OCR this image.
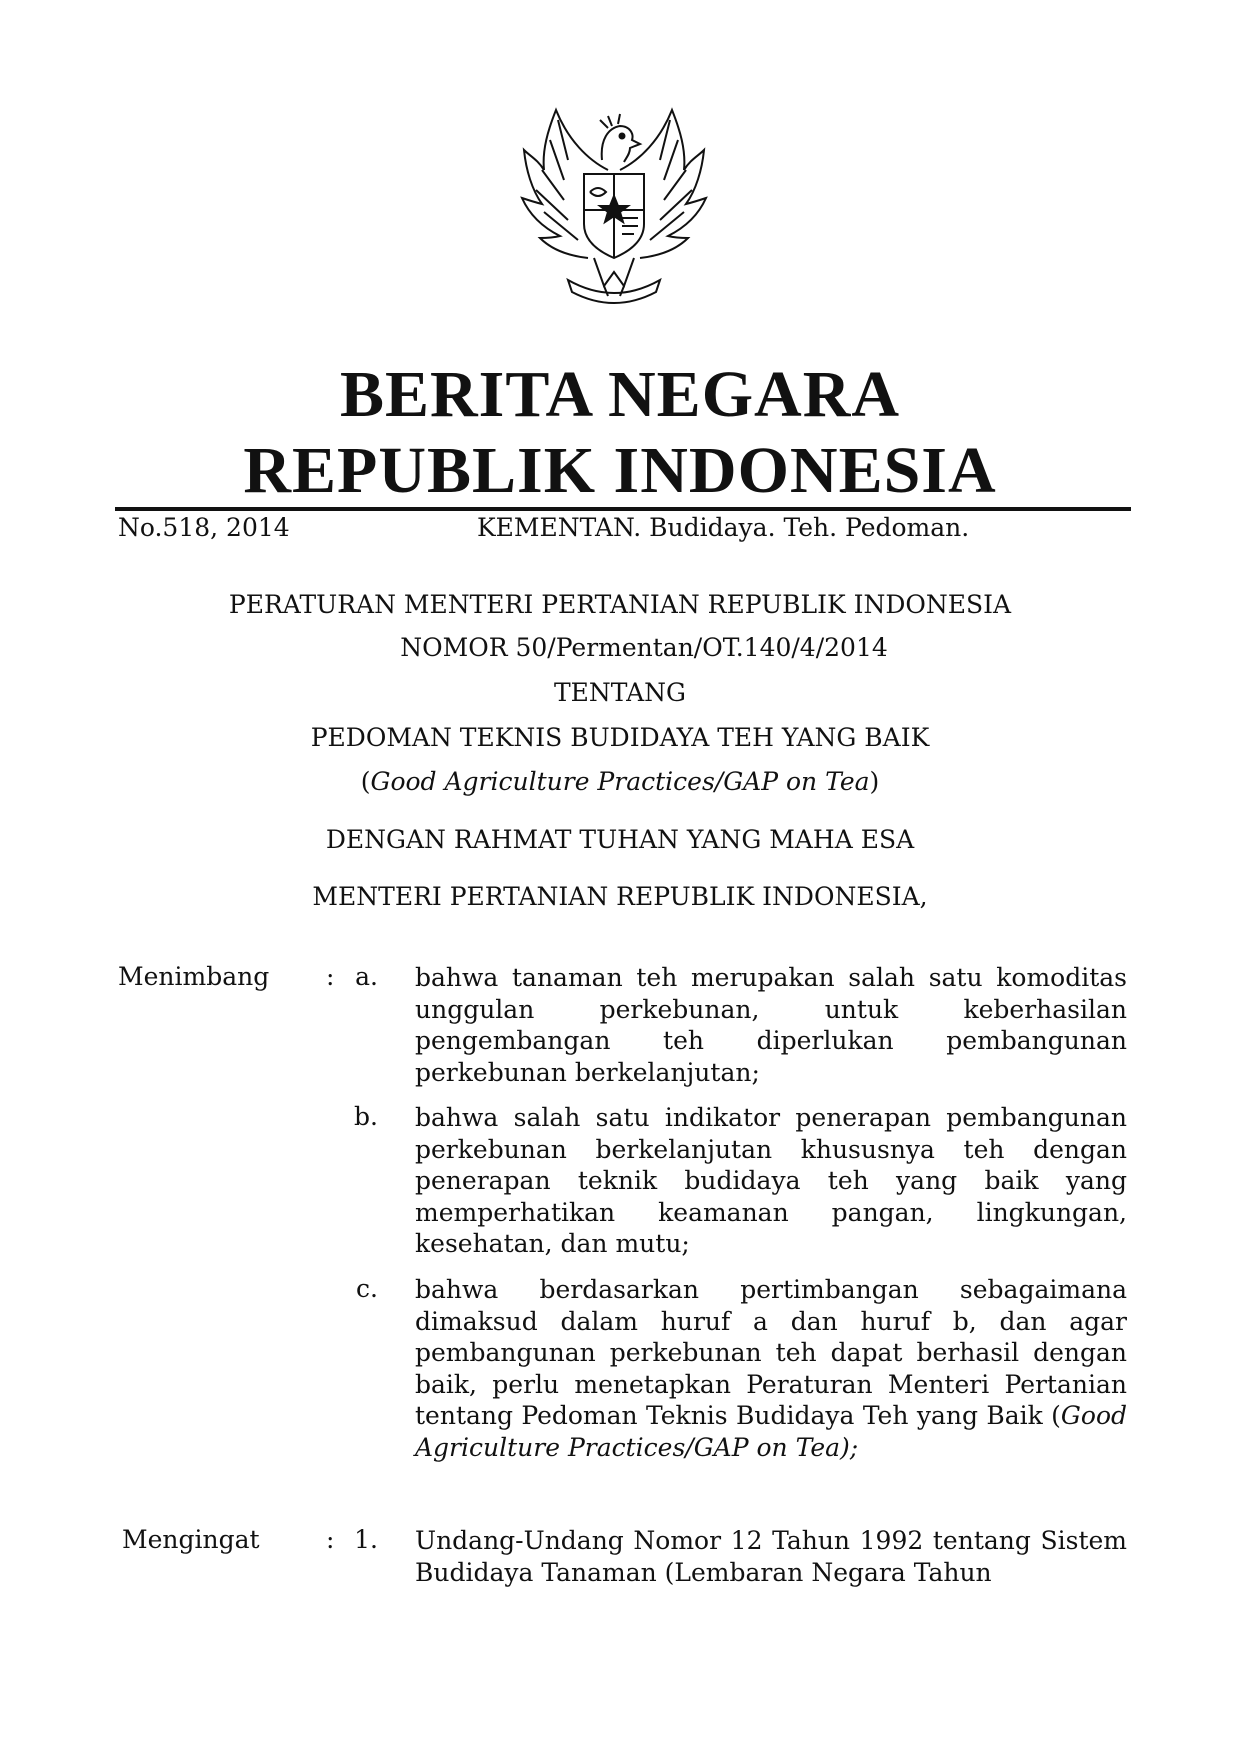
BERITA NEGARA
REPUBLIK INDONESIA
No.518, 2014	KEMENTAN. Budidaya. Teh. Pedoman.
PERATURAN MENTERI PERTANIAN REPUBLIK INDONESIA
NOMOR 50/Permentan/OT.140/4/2014
TENTANG
PEDOMAN TEKNIS BUDIDAYA TEH YANG BAIK
(Good Agriculture Practices/GAP on Tea)
DENGAN RAHMAT TUHAN YANG MAHA ESA
MENTERI PERTANIAN REPUBLIK INDONESIA,
Menimbang : a. bahwa tanaman teh merupakan salah satu komoditas unggulan perkebunan, untuk keberhasilan pengembangan teh diperlukan pembangunan perkebunan berkelanjutan;
b. bahwa salah satu indikator penerapan pembangunan perkebunan berkelanjutan khususnya teh dengan penerapan teknik budidaya teh yang baik yang memperhatikan keamanan pangan, lingkungan, kesehatan, dan mutu;
c. bahwa berdasarkan pertimbangan sebagaimana dimaksud dalam huruf a dan huruf b, dan agar pembangunan perkebunan teh dapat berhasil dengan baik, perlu menetapkan Peraturan Menteri Pertanian tentang Pedoman Teknis Budidaya Teh yang Baik (Good Agriculture Practices/GAP on Tea);
Mengingat	: 1. Undang-Undang Nomor 12 Tahun 1992 tentang Sistem Budidaya Tanaman (Lembaran Negara Tahun
